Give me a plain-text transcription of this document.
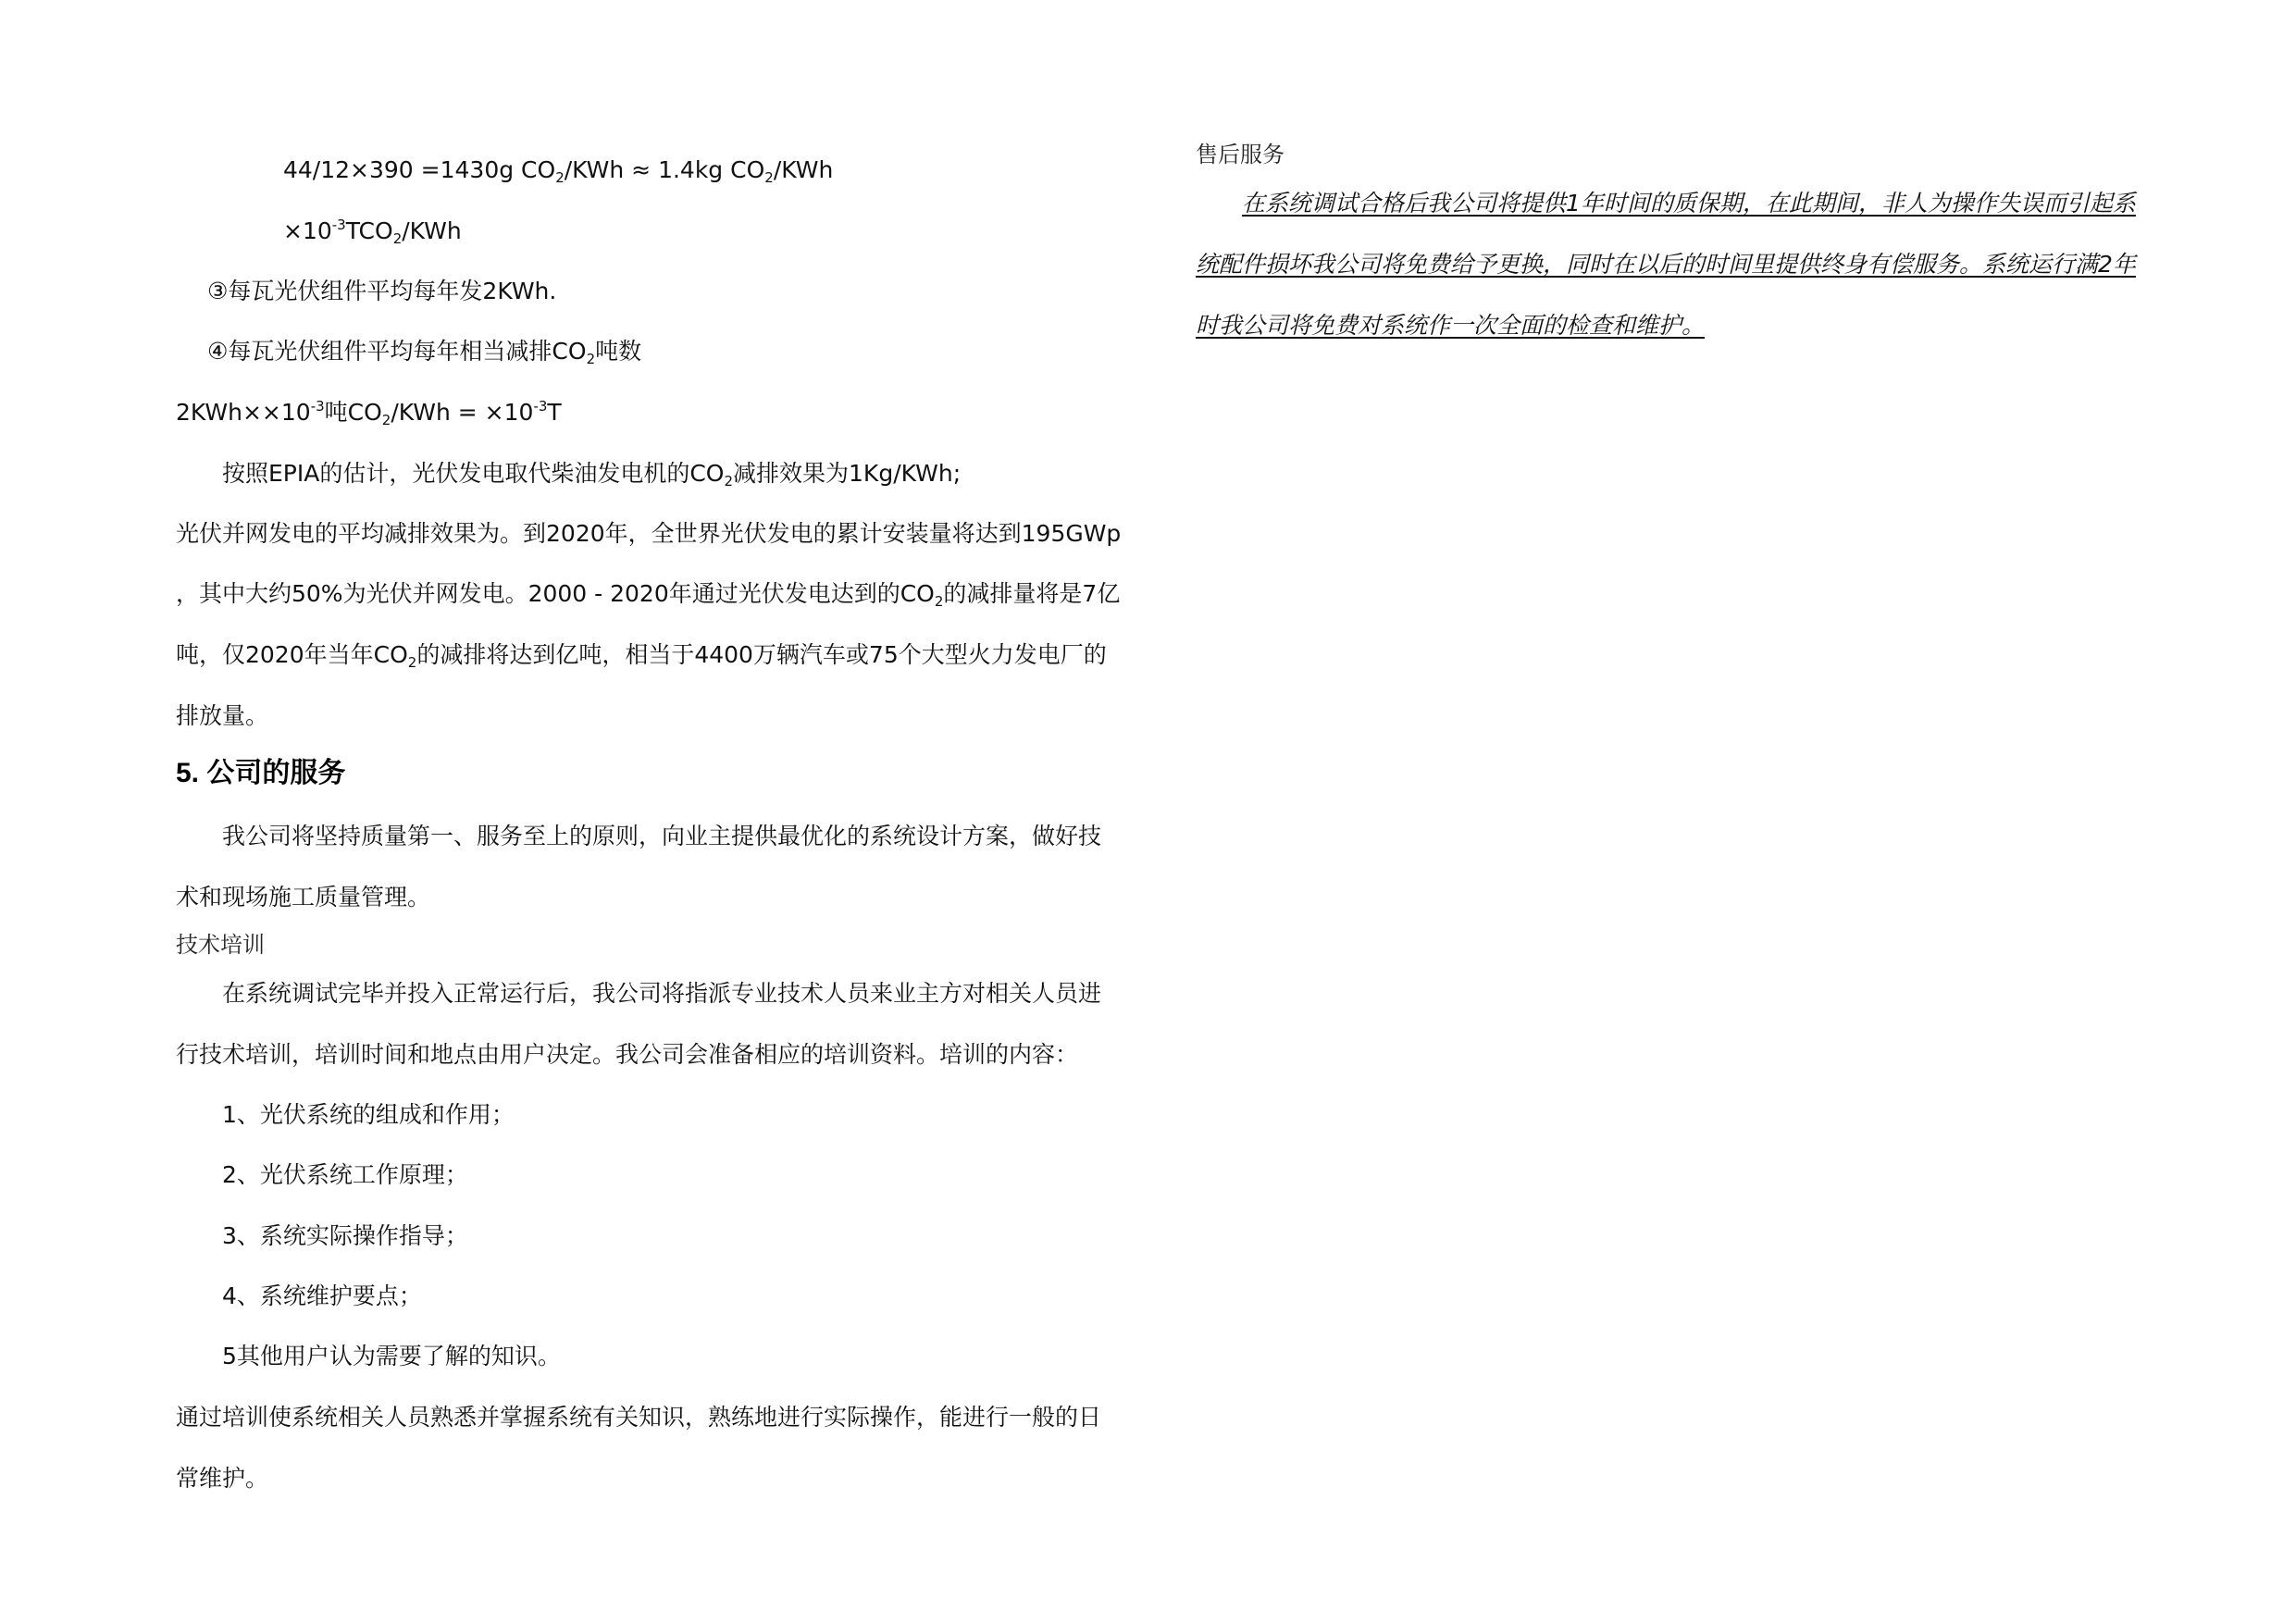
44/12×390 =1430g $CO_2$/KWh ≈ 1.4kg $CO_2$/KWh
$\times 10^{-3}TCO_2$/KWh
③每瓦光伏组件平均每年发2KWh.
④每瓦光伏组件平均每年相当减排$CO_2$吨数
$2KWh\times\times 10^{-3}$吨$CO_2$/KWh = $\times 10^{-3}T$
按照EPIA的估计，光伏发电取代柴油发电机的$CO_2$减排效果为1Kg/KWh;
光伏并网发电的平均减排效果为。到2020年，全世界光伏发电的累计安装量将达到195GWp
，其中大约50%为光伏并网发电。2000 - 2020年通过光伏发电达到的$CO_2$的减排量将是7亿
吨，仅2020年当年$CO_2$的减排将达到亿吨，相当于4400万辆汽车或75个大型火力发电厂的
排放量。
5. 公司的服务
我公司将坚持质量第一、服务至上的原则，向业主提供最优化的系统设计方案，做好技
术和现场施工质量管理。
技术培训
在系统调试完毕并投入正常运行后，我公司将指派专业技术人员来业主方对相关人员进
行技术培训，培训时间和地点由用户决定。我公司会准备相应的培训资料。培训的内容：
1、光伏系统的组成和作用；
2、光伏系统工作原理；
3、系统实际操作指导；
4、系统维护要点；
5其他用户认为需要了解的知识。
通过培训使系统相关人员熟悉并掌握系统有关知识，熟练地进行实际操作，能进行一般的日
常维护。
售后服务
在系统调试合格后我公司将提供1年时间的质保期，在此期间，非人为操作失误而引起系
统配件损坏我公司将免费给予更换，同时在以后的时间里提供终身有偿服务。系统运行满2年
时我公司将免费对系统作一次全面的检查和维护。
